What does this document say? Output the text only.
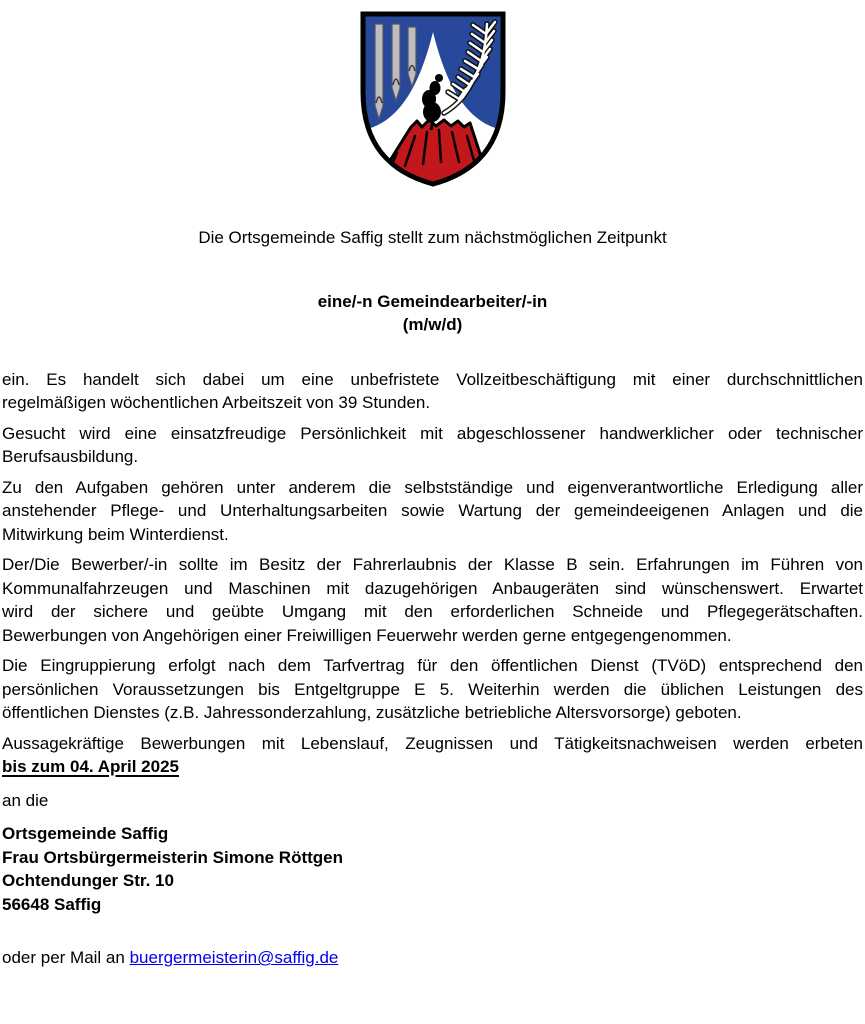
Die Ortsgemeinde Saffig stellt zum nächstmöglichen Zeitpunkt
eine/-n Gemeindearbeiter/-in
(m/w/d)

ein. Es handelt sich dabei um eine unbefristete Vollzeitbeschäftigung mit einer durchschnittlichen
regelmäßigen wöchentlichen Arbeitszeit von 39 Stunden.

Gesucht wird eine einsatzfreudige Persönlichkeit mit abgeschlossener handwerklicher oder technischer
Berufsausbildung.

Zu den Aufgaben gehören unter anderem die selbstständige und eigenverantwortliche Erledigung aller
anstehender Pflege- und Unterhaltungsarbeiten sowie Wartung der gemeindeeigenen Anlagen und die
Mitwirkung beim Winterdienst.

Der/Die Bewerber/-in sollte im Besitz der Fahrerlaubnis der Klasse B sein. Erfahrungen im Führen von
Kommunalfahrzeugen und Maschinen mit dazugehörigen Anbaugeräten sind wünschenswert. Erwartet
wird der sichere und geübte Umgang mit den erforderlichen Schneide und Pflegegerätschaften.
Bewerbungen von Angehörigen einer Freiwilligen Feuerwehr werden gerne entgegengenommen.

Die Eingruppierung erfolgt nach dem Tarfvertrag für den öffentlichen Dienst (TVöD) entsprechend den
persönlichen Voraussetzungen bis Entgeltgruppe E 5. Weiterhin werden die üblichen Leistungen des
öffentlichen Dienstes (z.B. Jahressonderzahlung, zusätzliche betriebliche Altersvorsorge) geboten.

Aussagekräftige Bewerbungen mit Lebenslauf, Zeugnissen und Tätigkeitsnachweisen werden erbeten
bis zum 04. April 2025

an die
Ortsgemeinde Saffig
Frau Ortsbürgermeisterin Simone Röttgen
Ochtendunger Str. 10
56648 Saffig
oder per Mail an buergermeisterin@saffig.de
